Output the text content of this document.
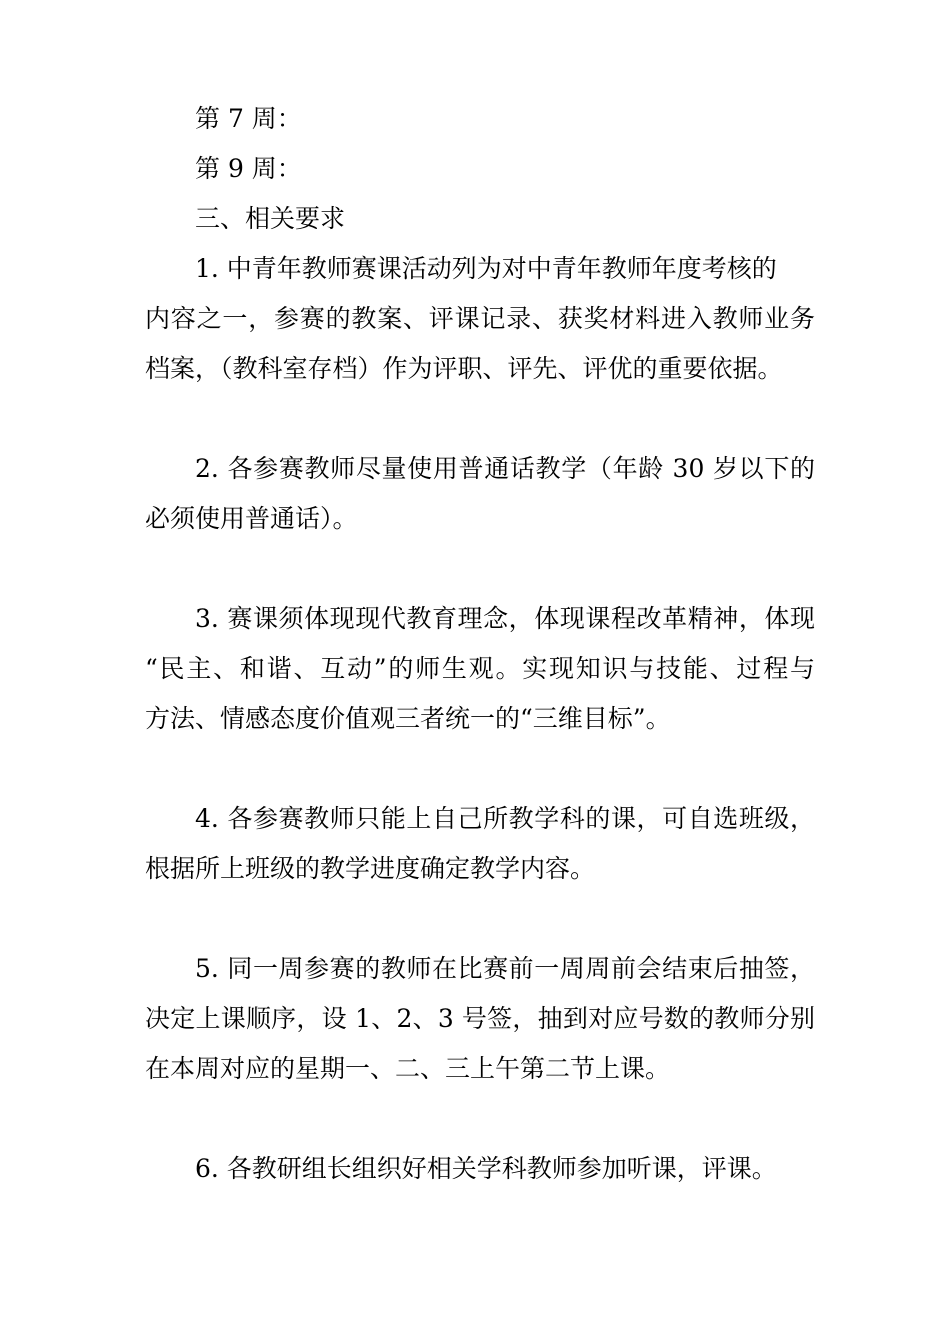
第 7 周：
第 9 周：
三、相关要求
1. 中青年教师赛课活动列为对中青年教师年度考核的
内容之一，参赛的教案、评课记录、获奖材料进入教师业务
档案，（教科室存档）作为评职、评先、评优的重要依据。
2. 各参赛教师尽量使用普通话教学（年龄 30 岁以下的
必须使用普通话）。
3. 赛课须体现现代教育理念，体现课程改革精神，体现
“民主、和谐、互动”的师生观。实现知识与技能、过程与
方法、情感态度价值观三者统一的“三维目标”。
4. 各参赛教师只能上自己所教学科的课，可自选班级，
根据所上班级的教学进度确定教学内容。
5. 同一周参赛的教师在比赛前一周周前会结束后抽签，
决定上课顺序，设 1、2、3 号签，抽到对应号数的教师分别
在本周对应的星期一、二、三上午第二节上课。
6. 各教研组长组织好相关学科教师参加听课，评课。
